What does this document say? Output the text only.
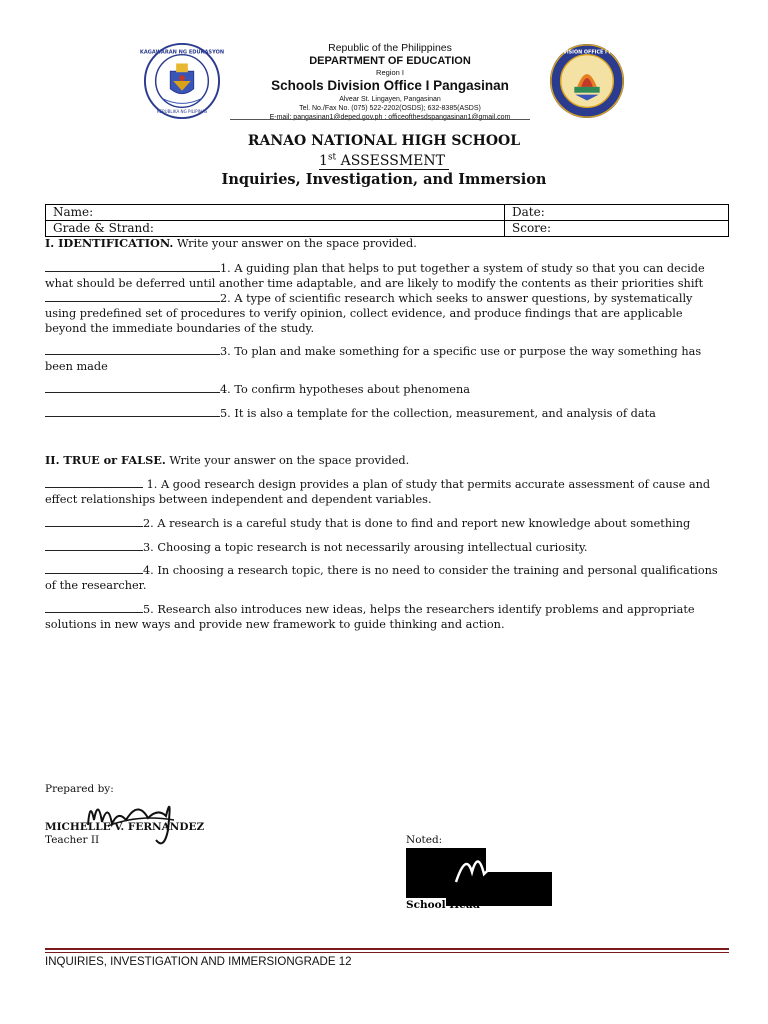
KAGAWARAN NG EDUKASYON
REPUBLIKA NG PILIPINAS
Republic of the Philippines
DEPARTMENT OF EDUCATION
Region I
Schools Division Office I Pangasinan
Alvear St. Lingayen, Pangasinan
Tel. No./Fax No. (075) 522-2202(OSDS); 632-8385(ASDS)
E-mail: pangasinan1@deped.gov.ph ; officeofthesdspangasinan1@gmail.com
SCHOOLS DIVISION OFFICE I PANGASINAN
RANAO NATIONAL HIGH SCHOOL
1st ASSESSMENT
Inquiries, Investigation, and Immersion
Name:	Date:
Grade & Strand:	Score:
I. IDENTIFICATION. Write your answer on the space provided.
1. A guiding plan that helps to put together a system of study so that you can decide
what should be deferred until another time adaptable, and are likely to modify the contents as their priorities shift
2. A type of scientific research which seeks to answer questions, by systematically
using predefined set of procedures to verify opinion, collect evidence, and produce findings that are applicable
beyond the immediate boundaries of the study.
3. To plan and make something for a specific use or purpose the way something has
been made
4. To confirm hypotheses about phenomena
5. It is also a template for the collection, measurement, and analysis of data
II. TRUE or FALSE. Write your answer on the space provided.
1. A good research design provides a plan of study that permits accurate assessment of cause and
effect relationships between independent and dependent variables.
2. A research is a careful study that is done to find and report new knowledge about something
3. Choosing a topic research is not necessarily arousing intellectual curiosity.
4. In choosing a research topic, there is no need to consider the training and personal qualifications
of the researcher.
5. Research also introduces new ideas, helps the researchers identify problems and appropriate
solutions in new ways and provide new framework to guide thinking and action.
Prepared by:
MICHELLE V. FERNANDEZ
Teacher II	Noted:
School Head
INQUIRIES, INVESTIGATION AND IMMERSIONGRADE 12
